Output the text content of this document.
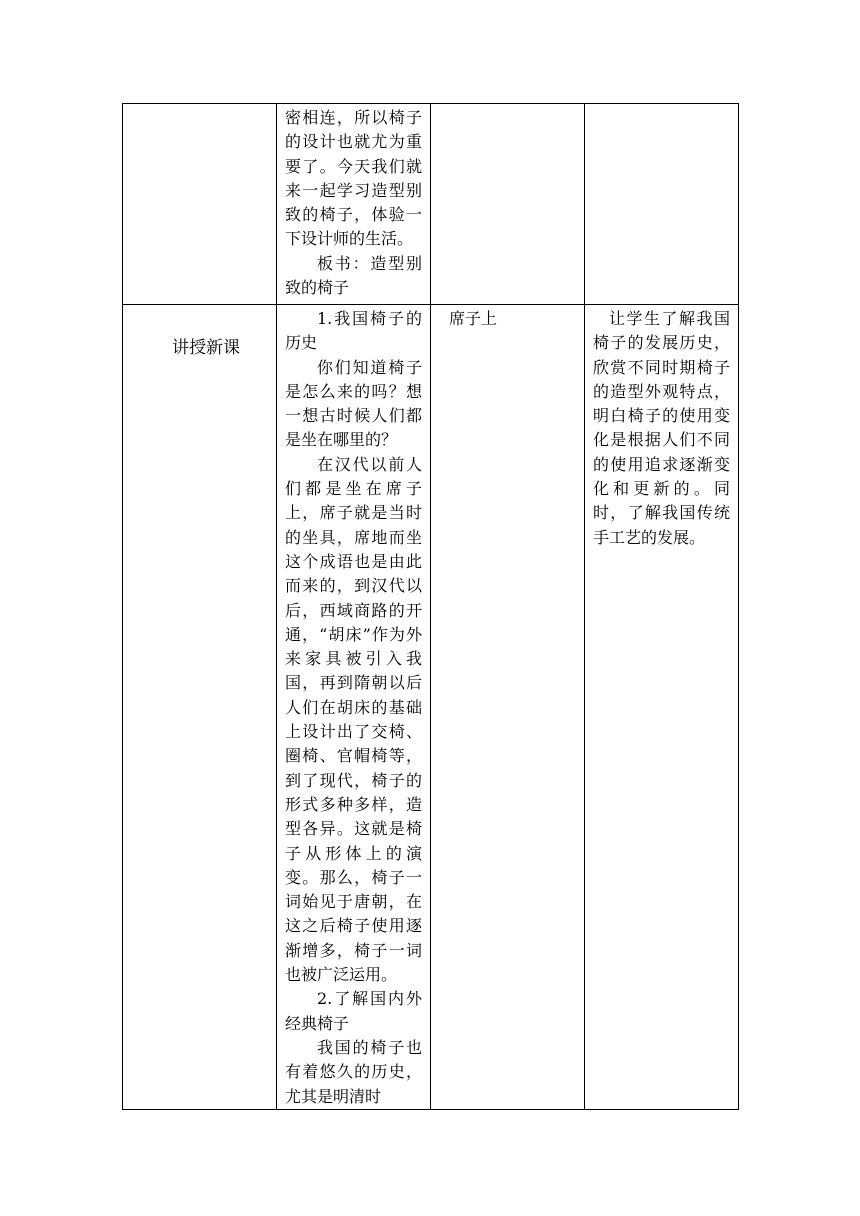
	密相连，所以椅子的设计也就尤为重要了。今天我们就来一起学习造型别致的椅子，体验一下设计师的生活。

板书：造型别致的椅子		

讲授新课	1.我国椅子的历史

你们知道椅子是怎么来的吗？想一想古时候人们都是坐在哪里的？

在汉代以前人们都是坐在席子上，席子就是当时的坐具，席地而坐这个成语也是由此而来的，到汉代以后，西域商路的开通，“胡床”作为外来家具被引入我国，再到隋朝以后人们在胡床的基础上设计出了交椅、圈椅、官帽椅等，到了现代，椅子的形式多种多样，造型各异。这就是椅子从形体上的演变。那么，椅子一词始见于唐朝，在这之后椅子使用逐渐增多，椅子一词也被广泛运用。

2.了解国内外经典椅子

我国的椅子也有着悠久的历史，尤其是明清时	席子上	让学生了解我国椅子的发展历史，欣赏不同时期椅子的造型外观特点，明白椅子的使用变化是根据人们不同的使用追求逐渐变化和更新的。同时，了解我国传统手工艺的发展。
